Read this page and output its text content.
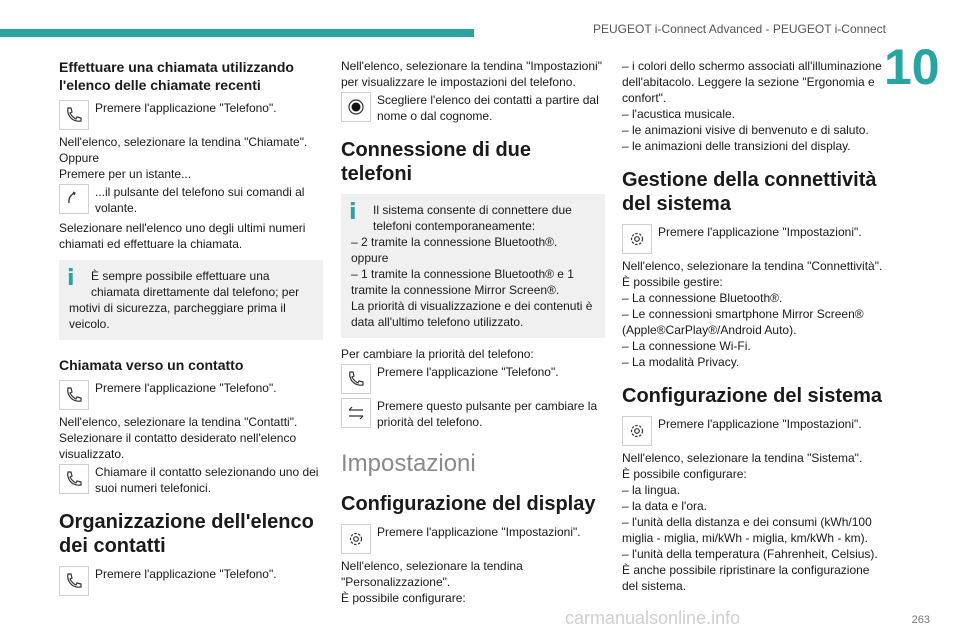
PEUGEOT i-Connect Advanced - PEUGEOT i-Connect
10
Effettuare una chiamata utilizzando l'elenco delle chiamate recenti
Premere l'applicazione "Telefono".

Nell'elenco, selezionare la tendina "Chiamate".

Oppure

Premere per un istante...

...il pulsante del telefono sui comandi al volante.

Selezionare nell'elenco uno degli ultimi numeri chiamati ed effettuare la chiamata.

i	È sempre possibile effettuare una chiamata direttamente dal telefono; per

motivi di sicurezza, parcheggiare prima il veicolo.

Chiamata verso un contatto
Premere l'applicazione "Telefono".

Nell'elenco, selezionare la tendina "Contatti".

Selezionare il contatto desiderato nell'elenco visualizzato.

Chiamare il contatto selezionando uno dei suoi numeri telefonici.
Organizzazione dell'elenco dei contatti
Premere l'applicazione "Telefono".

Nell'elenco, selezionare la tendina "Impostazioni" per visualizzare le impostazioni del telefono.

Scegliere l'elenco dei contatti a partire dal nome o dal cognome.
Connessione di due telefoni
i	Il sistema consente di connettere due telefoni contemporaneamente:

– 2 tramite la connessione Bluetooth®.

oppure

– 1 tramite la connessione Bluetooth® e 1 tramite la connessione Mirror Screen®.

La priorità di visualizzazione e dei contenuti è data all'ultimo telefono utilizzato.

Per cambiare la priorità del telefono:

Premere l'applicazione "Telefono".
Premere questo pulsante per cambiare la priorità del telefono.
Impostazioni
Configurazione del display
Premere l'applicazione "Impostazioni".

Nell'elenco, selezionare la tendina "Personalizzazione".

È possibile configurare:

– i colori dello schermo associati all'illuminazione dell'abitacolo. Leggere la sezione "Ergonomia e confort".

– l'acustica musicale.

– le animazioni visive di benvenuto e di saluto.

– le animazioni delle transizioni del display.

Gestione della connettività del sistema
Premere l'applicazione "Impostazioni".

Nell'elenco, selezionare la tendina "Connettività".

È possibile gestire:

– La connessione Bluetooth®.

– Le connessioni smartphone Mirror Screen® (Apple®CarPlay®/Android Auto).

– La connessione Wi-Fi.

– La modalità Privacy.

Configurazione del sistema
Premere l'applicazione "Impostazioni".

Nell'elenco, selezionare la tendina "Sistema".

È possibile configurare:

– la lingua.

– la data e l'ora.

– l'unità della distanza e dei consumi (kWh/100 miglia - miglia, mi/kWh - miglia, km/kWh - km).

– l'unità della temperatura (Fahrenheit, Celsius).

È anche possibile ripristinare la configurazione del sistema.

carmanualsonline.info	263
